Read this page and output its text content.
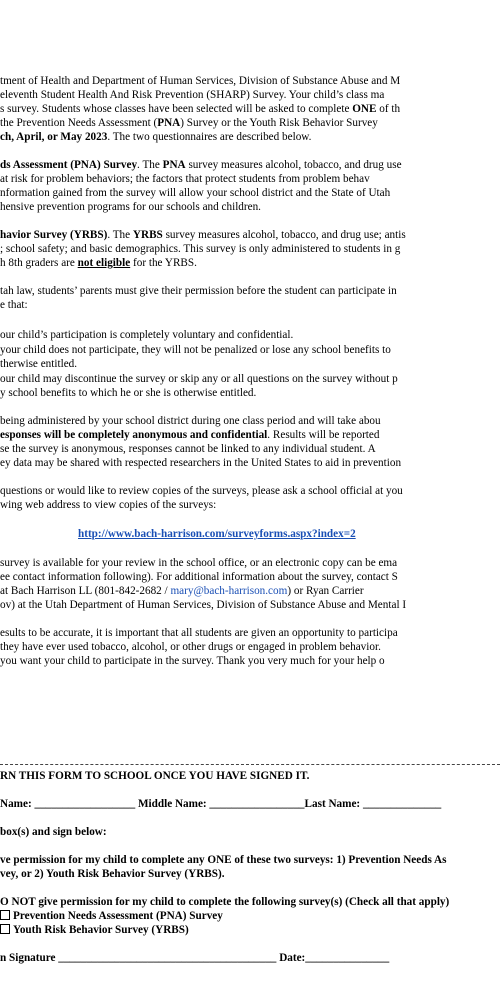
tment of Health and Department of Human Services, Division of Substance Abuse and M
eleventh Student Health And Risk Prevention (SHARP) Survey. Your child’s class ma
s survey. Students whose classes have been selected will be asked to complete ONE of th
the Prevention Needs Assessment (PNA) Survey or the Youth Risk Behavior Survey
ch, April, or May 2023. The two questionnaires are described below.
ds Assessment (PNA) Survey. The PNA survey measures alcohol, tobacco, and drug use
at risk for problem behaviors; the factors that protect students from problem behav
nformation gained from the survey will allow your school district and the State of Utah
hensive prevention programs for our schools and children.
havior Survey (YRBS). The YRBS survey measures alcohol, tobacco, and drug use; antis
; school safety; and basic demographics. This survey is only administered to students in g
h 8th graders are not eligible for the YRBS.
tah law, students’ parents must give their permission before the student can participate in
e that:
our child’s participation is completely voluntary and confidential.
your child does not participate, they will not be penalized or lose any school benefits to
therwise entitled.
our child may discontinue the survey or skip any or all questions on the survey without p
y school benefits to which he or she is otherwise entitled.
being administered by your school district during one class period and will take abou
esponses will be completely anonymous and confidential. Results will be reported
se the survey is anonymous, responses cannot be linked to any individual student. A
ey data may be shared with respected researchers in the United States to aid in prevention
questions or would like to review copies of the surveys, please ask a school official at you
wing web address to view copies of the surveys:
http://www.bach-harrison.com/surveyforms.aspx?index=2
survey is available for your review in the school office, or an electronic copy can be ema
ee contact information following). For additional information about the survey, contact S
at Bach Harrison LL (801-842-2682 / mary@bach-harrison.com) or Ryan Carrier
ov) at the Utah Department of Human Services, Division of Substance Abuse and Mental I
esults to be accurate, it is important that all students are given an opportunity to participa
they have ever used tobacco, alcohol, or other drugs or engaged in problem behavior.
you want your child to participate in the survey. Thank you very much for your help o
RN THIS FORM TO SCHOOL ONCE YOU HAVE SIGNED IT.
Name: __________________ Middle Name: _________________Last Name: ______________
box(s) and sign below:
ve permission for my child to complete any ONE of these two surveys: 1) Prevention Needs As
vey, or 2) Youth Risk Behavior Survey (YRBS).
O NOT give permission for my child to complete the following survey(s) (Check all that apply)
Prevention Needs Assessment (PNA) Survey
Youth Risk Behavior Survey (YRBS)
n Signature _______________________________________ Date:_______________
